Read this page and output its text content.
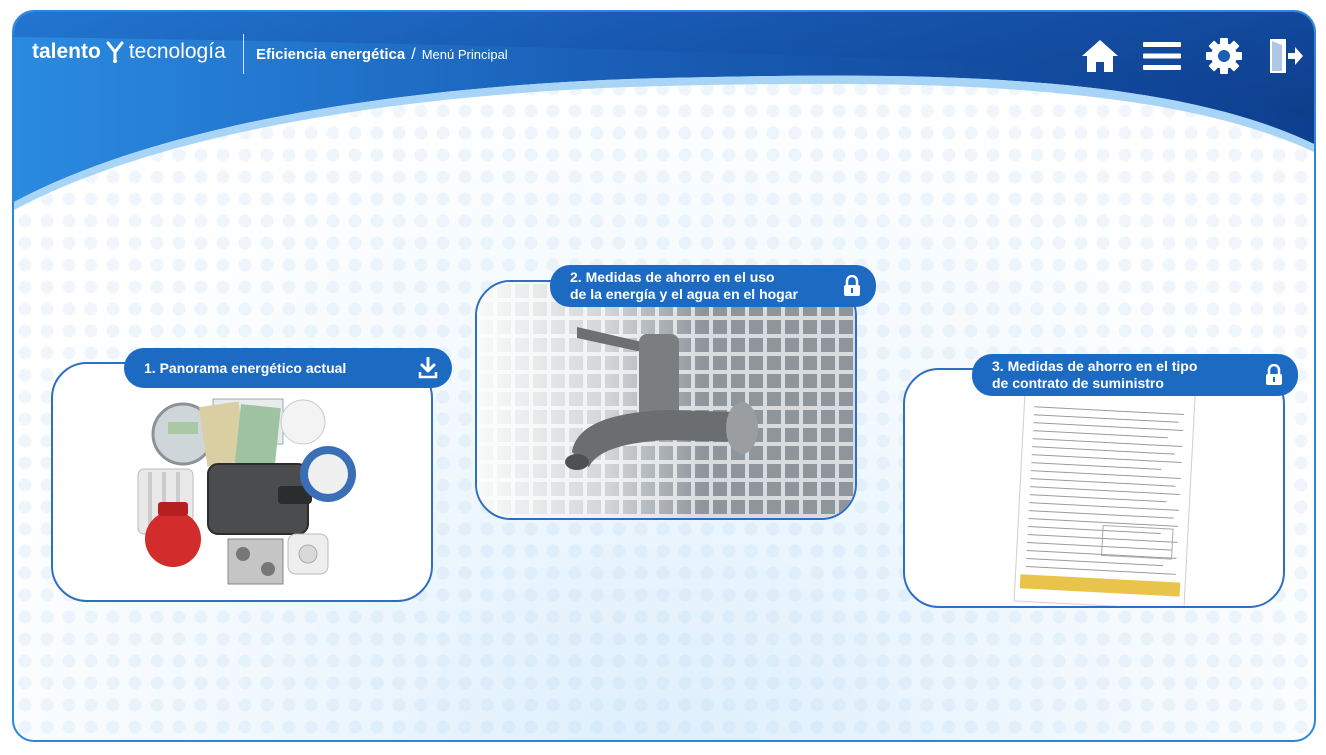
talento tecnología Eficiencia energética / Menú Principal
1. Panorama energético actual
2. Medidas de ahorro en el uso
de la energía y el agua en el hogar
3. Medidas de ahorro en el tipo
de contrato de suministro
